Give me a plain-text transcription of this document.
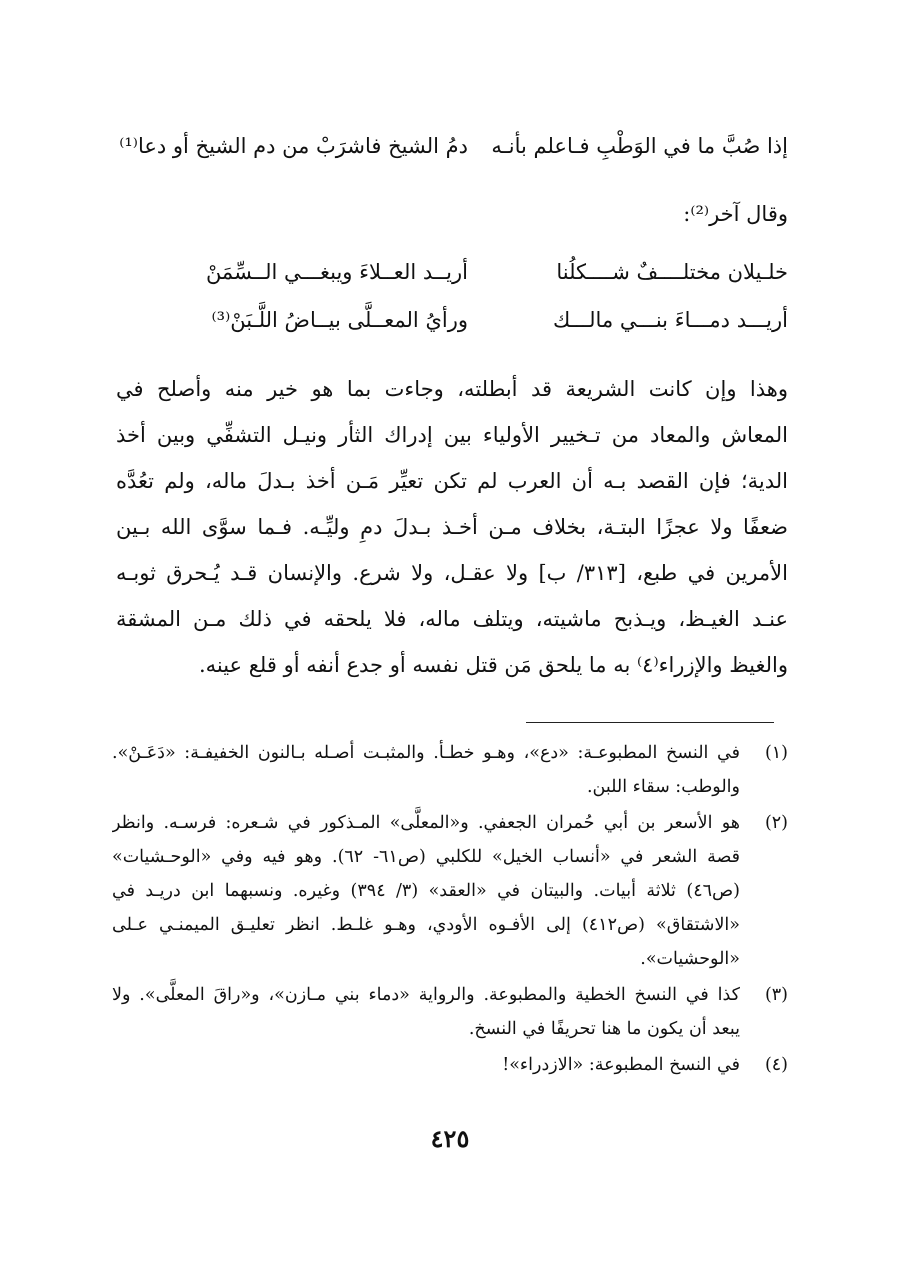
إذا صُبَّ ما في الوَطْبِ فـاعلم بأنـه
دمُ الشيخ فاشرَبْ من دم الشيخ أو دعا⁽¹⁾
وقال آخر⁽²⁾:
خلـيلان مختلــــفٌ شــــكلُنا
أريــد العــلاءَ ويبغـــي الــسِّمَنْ
أريـــد دمـــاءَ بنـــي مالـــك
ورأيُ المعــلَّى بيــاضُ اللَّـبَنْ⁽³⁾
وهذا وإن كانت الشريعة قد أبطلته، وجاءت بما هو خير منه وأصلح في
المعاش والمعاد من تـخيير الأولياء بين إدراك الثأر ونيـل التشفِّي وبين أخذ
الدية؛ فإن القصد بـه أن العرب لم تكن تعيِّر مَـن أخذ بـدلَ ماله، ولم تعُدَّه
ضعفًا ولا عجزًا البتـة، بخلاف مـن أخـذ بـدلَ دمِ وليِّـه. فـما سوَّى الله بـين
الأمرين في طبع، [٣١٣/ ب] ولا عقـل، ولا شرع. والإنسان قـد يُـحرق ثوبـه
عنـد الغيـظ، ويـذبح ماشيته، ويتلف ماله، فلا يلحقه في ذلك مـن المشقة
والغيظ والإزراء⁽٤⁾ به ما يلحق مَن قتل نفسه أو جدع أنفه أو قلع عينه.
(١)
في النسخ المطبوعـة: «دع»، وهـو خطـأ. والمثبـت أصـله بـالنون الخفيفـة: «دَعَـنْ».
والوطب: سقاء اللبن.
(٢)
هو الأسعر بن أبي حُمران الجعفي. و«المعلَّى» المـذكور في شـعره: فرسـه. وانظر
قصة الشعر في «أنساب الخيل» للكلبي (ص٦١- ٦٢). وهو فيه وفي «الوحـشيات»
(ص٤٦) ثلاثة أبيات. والبيتان في «العقد» (٣/ ٣٩٤) وغيره. ونسبهما ابن دريـد في
«الاشتقاق» (ص٤١٢) إلى الأفـوه الأودي، وهـو غلـط. انظر تعليـق الميمنـي عـلى
«الوحشيات».
(٣)
كذا في النسخ الخطية والمطبوعة. والرواية «دماء بني مـازن»، و«راقَ المعلَّى». ولا
يبعد أن يكون ما هنا تحريفًا في النسخ.
(٤)
في النسخ المطبوعة: «الازدراء»!
٤٢٥
